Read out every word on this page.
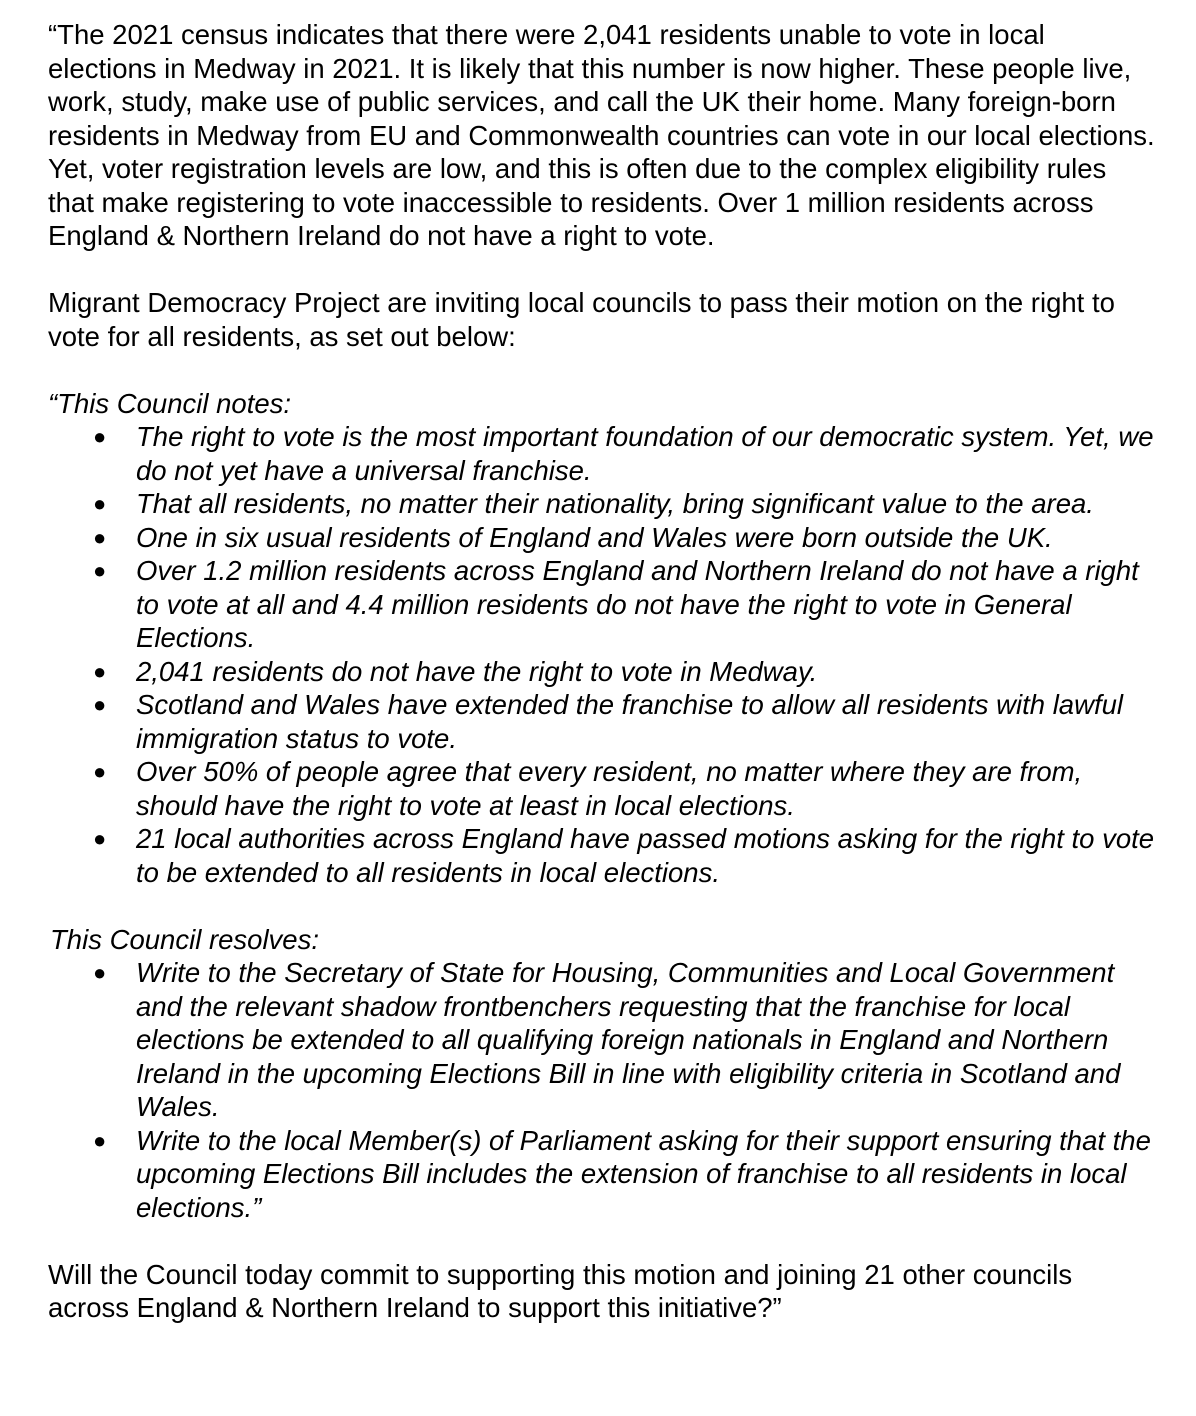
“The 2021 census indicates that there were 2,041 residents unable to vote in local elections in Medway in 2021. It is likely that this number is now higher. These people live, work, study, make use of public services, and call the UK their home. Many foreign-born residents in Medway from EU and Commonwealth countries can vote in our local elections. Yet, voter registration levels are low, and this is often due to the complex eligibility rules that make registering to vote inaccessible to residents. Over 1 million residents across England & Northern Ireland do not have a right to vote.

Migrant Democracy Project are inviting local councils to pass their motion on the right to vote for all residents, as set out below:

“This Council notes:

● The right to vote is the most important foundation of our democratic system. Yet, we do not yet have a universal franchise.
● That all residents, no matter their nationality, bring significant value to the area.
● One in six usual residents of England and Wales were born outside the UK.
● Over 1.2 million residents across England and Northern Ireland do not have a right to vote at all and 4.4 million residents do not have the right to vote in General Elections.
● 2,041 residents do not have the right to vote in Medway.
● Scotland and Wales have extended the franchise to allow all residents with lawful immigration status to vote.
● Over 50% of people agree that every resident, no matter where they are from, should have the right to vote at least in local elections.
● 21 local authorities across England have passed motions asking for the right to vote to be extended to all residents in local elections.

This Council resolves:

● Write to the Secretary of State for Housing, Communities and Local Government and the relevant shadow frontbenchers requesting that the franchise for local elections be extended to all qualifying foreign nationals in England and Northern Ireland in the upcoming Elections Bill in line with eligibility criteria in Scotland and Wales.
● Write to the local Member(s) of Parliament asking for their support ensuring that the upcoming Elections Bill includes the extension of franchise to all residents in local elections.”

Will the Council today commit to supporting this motion and joining 21 other councils across England & Northern Ireland to support this initiative?”
